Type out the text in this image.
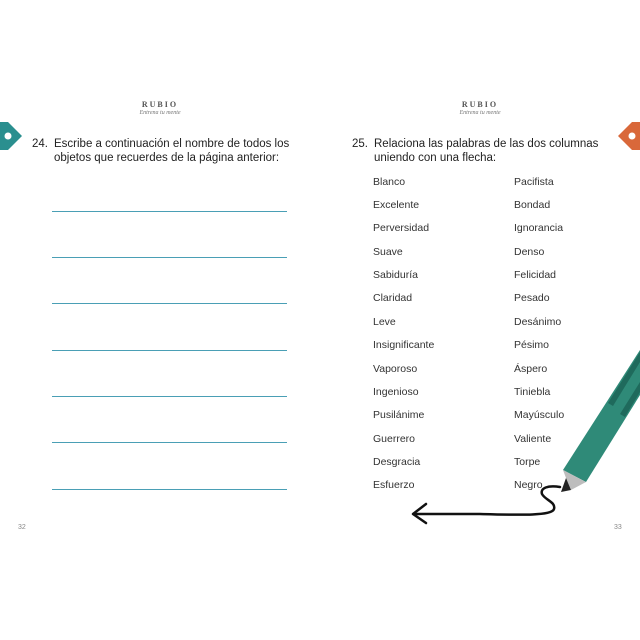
RUBIO
Entrena tu mente
24. Escribe a continuación el nombre de todos los
objetos que recuerdes de la página anterior:
32
RUBIO
Entrena tu mente
25. Relaciona las palabras de las dos columnas
uniendo con una flecha:
Blanco
Excelente
Perversidad
Suave
Sabiduría
Claridad
Leve
Insignificante
Vaporoso
Ingenioso
Pusilánime
Guerrero
Desgracia
Esfuerzo
Pacifista
Bondad
Ignorancia
Denso
Felicidad
Pesado
Desánimo
Pésimo
Áspero
Tiniebla
Mayúsculo
Valiente
Torpe
Negro
33
